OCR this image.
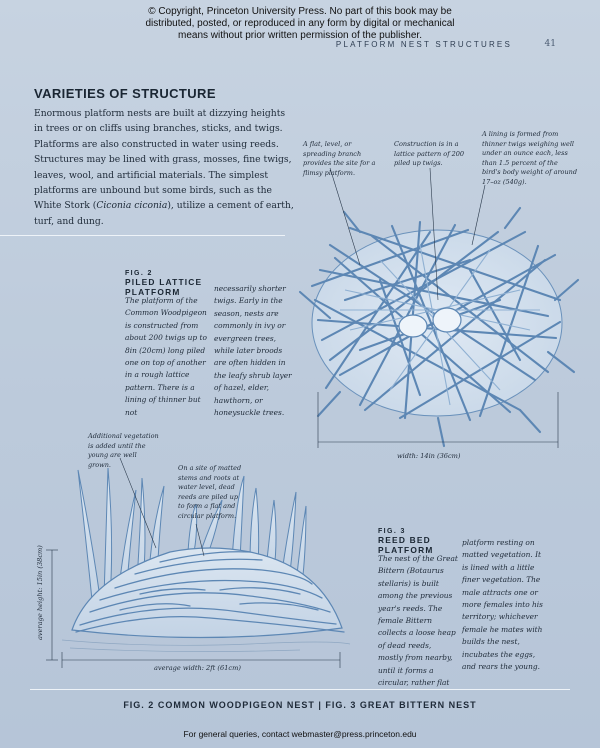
© Copyright, Princeton University Press. No part of this book may be
distributed, posted, or reproduced in any form by digital or mechanical
means without prior written permission of the publisher.
PLATFORM NEST STRUCTURES	41
VARIETIES OF STRUCTURE
Enormous platform nests are built at dizzying heights in trees or on cliffs using branches, sticks, and twigs. Platforms are also constructed in water using reeds. Structures may be lined with grass, mosses, fine twigs, leaves, wool, and artificial materials. The simplest platforms are unbound but some birds, such as the White Stork (Ciconia ciconia), utilize a cement of earth, turf, and dung.
A flat, level, or spreading branch provides the site for a flimsy platform.
Construction is in a lattice pattern of 200 piled up twigs.
A lining is formed from thinner twigs weighing well under an ounce each, less than 1.5 percent of the bird's body weight of around 17–oz (540g).
width: 14in (36cm)
FIG. 2
PILED LATTICE PLATFORM
The platform of the Common Woodpigeon is constructed from about 200 twigs up to 8in (20cm) long piled one on top of another in a rough lattice pattern. There is a lining of thinner but not
necessarily shorter twigs. Early in the season, nests are commonly in ivy or evergreen trees, while later broods are often hidden in the leafy shrub layer of hazel, elder, hawthorn, or honeysuckle trees.
Additional vegetation is added until the young are well grown.	On a site of matted stems and roots at water level, dead reeds are piled up to form a flat and circular platform.
average height: 15in (38cm)
average width: 2ft (61cm)
FIG. 3
REED BED PLATFORM
The nest of the Great Bittern (Botaurus stellaris) is built among the previous year's reeds. The female Bittern collects a loose heap of dead reeds, mostly from nearby, until it forms a circular, rather flat
platform resting on matted vegetation. It is lined with a little finer vegetation. The male attracts one or more females into his territory; whichever female he mates with builds the nest, incubates the eggs, and rears the young.
FIG. 2 COMMON WOODPIGEON NEST | FIG. 3 GREAT BITTERN NEST
For general queries, contact webmaster@press.princeton.edu
